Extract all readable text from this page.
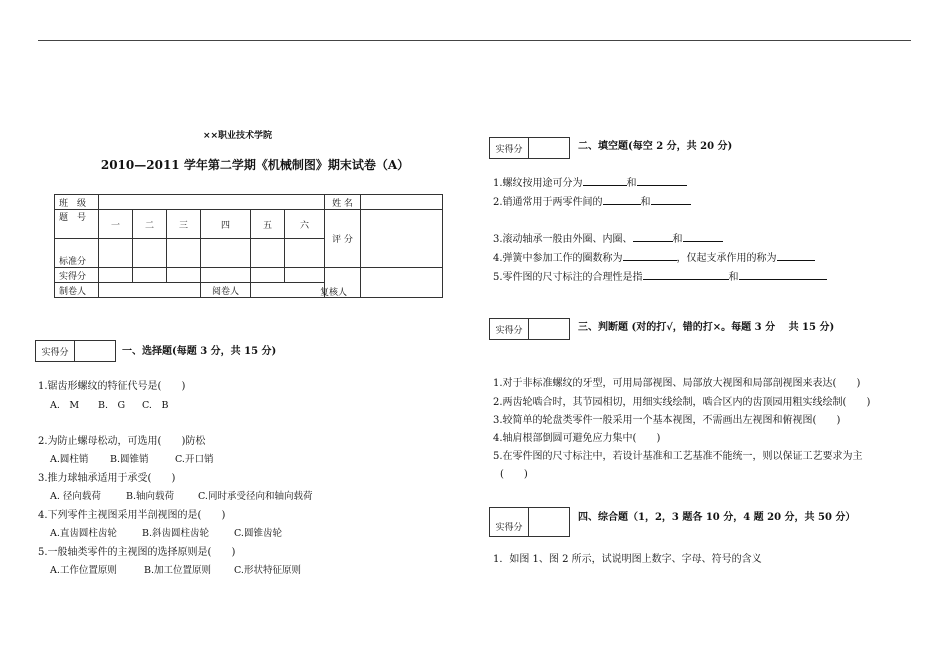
××职业技术学院
2010—2011 学年第二学期《机械制图》期末试卷（A）
班　级							姓 名	
题　号	一	二	三	四	五	六	评 分	
标准分								
实得分								
制卷人				阅卷人					复核人
实得分	一、选择题(每题 3 分，共 15 分)
1.锯齿形螺纹的特征代号是(　　)
A.　M B.　G C.　B
2.为防止螺母松动，可选用(　　)防松
A.圆柱销 B.圆锥销	C.开口销
3.推力球轴承适用于承受(　　)
A. 径向载荷	B.轴向载荷	C.同时承受径向和轴向载荷
4.下列零件主视图采用半剖视图的是(　　)
A.直齿圆柱齿轮	B.斜齿圆柱齿轮	C.圆锥齿轮
5.一般轴类零件的主视图的选择原则是(　　)
A.工作位置原则	B.加工位置原则 C.形状特征原则
实得分	二、填空题(每空 2 分，共 20 分)
1.螺纹按用途可分为	和
2.销通常用于两零件间的	和
3.滚动轴承一般由外圈、内圈、	和
4.弹簧中参加工作的圈数称为	，仅起支承作用的称为
5.零件图的尺寸标注的合理性是指	和
实得分	三、判断题 (对的打√，错的打×。每题 3 分　 共 15 分)
1.对于非标准螺纹的牙型，可用局部视图、局部放大视图和局部剖视图来表达(　　)
2.两齿轮啮合时，其节园相切，用细实线绘制，啮合区内的齿顶园用粗实线绘制(　　)
3.较简单的轮盘类零件一般采用一个基本视图，不需画出左视图和俯视图(　　)
4.轴肩根部倒圆可避免应力集中(　　)
5.在零件图的尺寸标注中，若设计基准和工艺基准不能统一，则以保证工艺要求为主
(　　)
实得分
四、综合题（1，2，3 题各 10 分，4 题 20 分，共 50 分）
1．如图 1、图 2 所示，试说明图上数字、字母、符号的含义
